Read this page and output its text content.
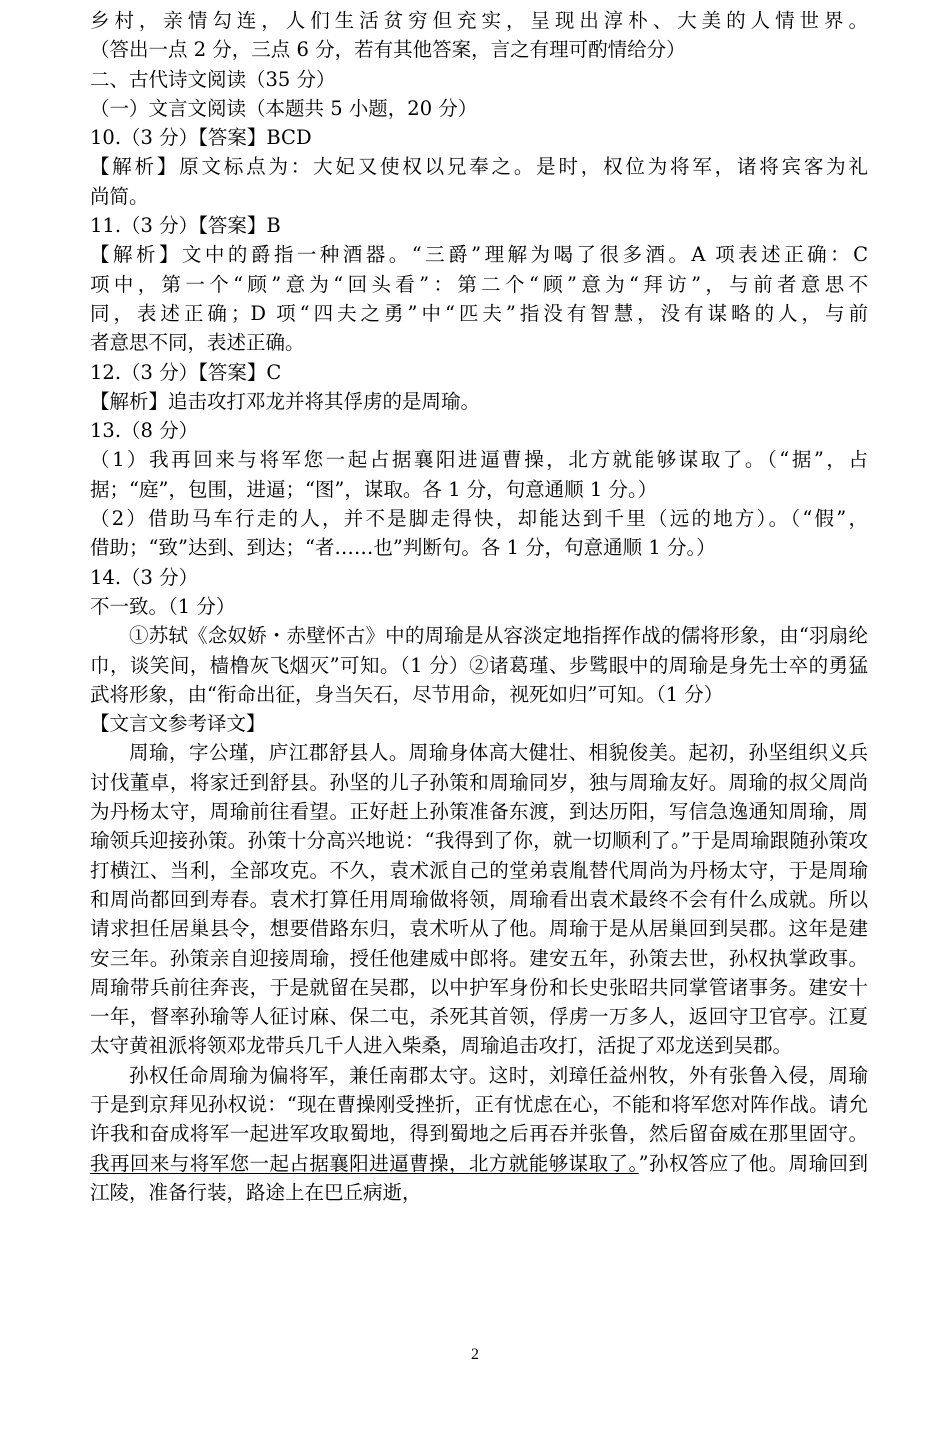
乡村，亲情勾连，人们生活贫穷但充实，呈现出淳朴、大美的人情世界。
（答出一点 2 分，三点 6 分，若有其他答案，言之有理可酌情给分）
二、古代诗文阅读（35 分）
（一）文言文阅读（本题共 5 小题，20 分）
10.（3 分）【答案】BCD
【解析】原文标点为：大妃又使权以兄奉之。是时，权位为将军，诸将宾客为礼
尚简。
11.（3 分）【答案】B
【解析】文中的爵指一种酒器。“三爵”理解为喝了很多酒。A 项表述正确：C
项中，第一个“顾”意为“回头看”：第二个“顾”意为“拜访”，与前者意思不
同，表述正确；D 项“四夫之勇”中“匹夫”指没有智慧，没有谋略的人，与前
者意思不同，表述正确。
12.（3 分）【答案】C
【解析】追击攻打邓龙并将其俘虏的是周瑜。
13.（8 分）
（1）我再回来与将军您一起占据襄阳进逼曹操，北方就能够谋取了。（“据”，占
据；“庭”，包围，进逼；“图”，谋取。各 1 分，句意通顺 1 分。）
（2）借助马车行走的人，并不是脚走得快，却能达到千里（远的地方）。（“假”，
借助；“致”达到、到达；“者……也”判断句。各 1 分，句意通顺 1 分。）
14.（3 分）
不一致。（1 分）

①苏轼《念奴娇・赤壁怀古》中的周瑜是从容淡定地指挥作战的儒将形象，由“羽扇纶巾，谈笑间，樯橹灰飞烟灭”可知。（1 分）②诸葛瑾、步骘眼中的周瑜是身先士卒的勇猛武将形象，由“衔命出征，身当矢石，尽节用命，视死如归”可知。（1 分）

【文言文参考译文】

周瑜，字公瑾，庐江郡舒县人。周瑜身体高大健壮、相貌俊美。起初，孙坚组织义兵讨伐董卓，将家迁到舒县。孙坚的儿子孙策和周瑜同岁，独与周瑜友好。周瑜的叔父周尚为丹杨太守，周瑜前往看望。正好赶上孙策准备东渡，到达历阳，写信急逸通知周瑜，周瑜领兵迎接孙策。孙策十分高兴地说：“我得到了你，就一切顺利了。”于是周瑜跟随孙策攻打横江、当利，全部攻克。不久，袁术派自己的堂弟袁胤替代周尚为丹杨太守，于是周瑜和周尚都回到寿春。袁术打算任用周瑜做将领，周瑜看出袁术最终不会有什么成就。所以请求担任居巢县令，想要借路东归，袁术听从了他。周瑜于是从居巢回到吴郡。这年是建安三年。孙策亲自迎接周瑜，授任他建威中郎将。建安五年，孙策去世，孙权执掌政事。周瑜带兵前往奔丧，于是就留在吴郡，以中护军身份和长史张昭共同掌管诸事务。建安十一年，督率孙瑜等人征讨麻、保二屯，杀死其首领，俘虏一万多人，返回守卫官亭。江夏太守黄祖派将领邓龙带兵几千人进入柴桑，周瑜追击攻打，活捉了邓龙送到吴郡。

孙权任命周瑜为偏将军，兼任南郡太守。这时，刘璋任益州牧，外有张鲁入侵，周瑜于是到京拜见孙权说：“现在曹操刚受挫折，正有忧虑在心，不能和将军您对阵作战。请允许我和奋成将军一起进军攻取蜀地，得到蜀地之后再吞并张鲁，然后留奋威在那里固守。我再回来与将军您一起占据襄阳进逼曹操，北方就能够谋取了。”孙权答应了他。周瑜回到江陵，准备行装，路途上在巴丘病逝，

2
